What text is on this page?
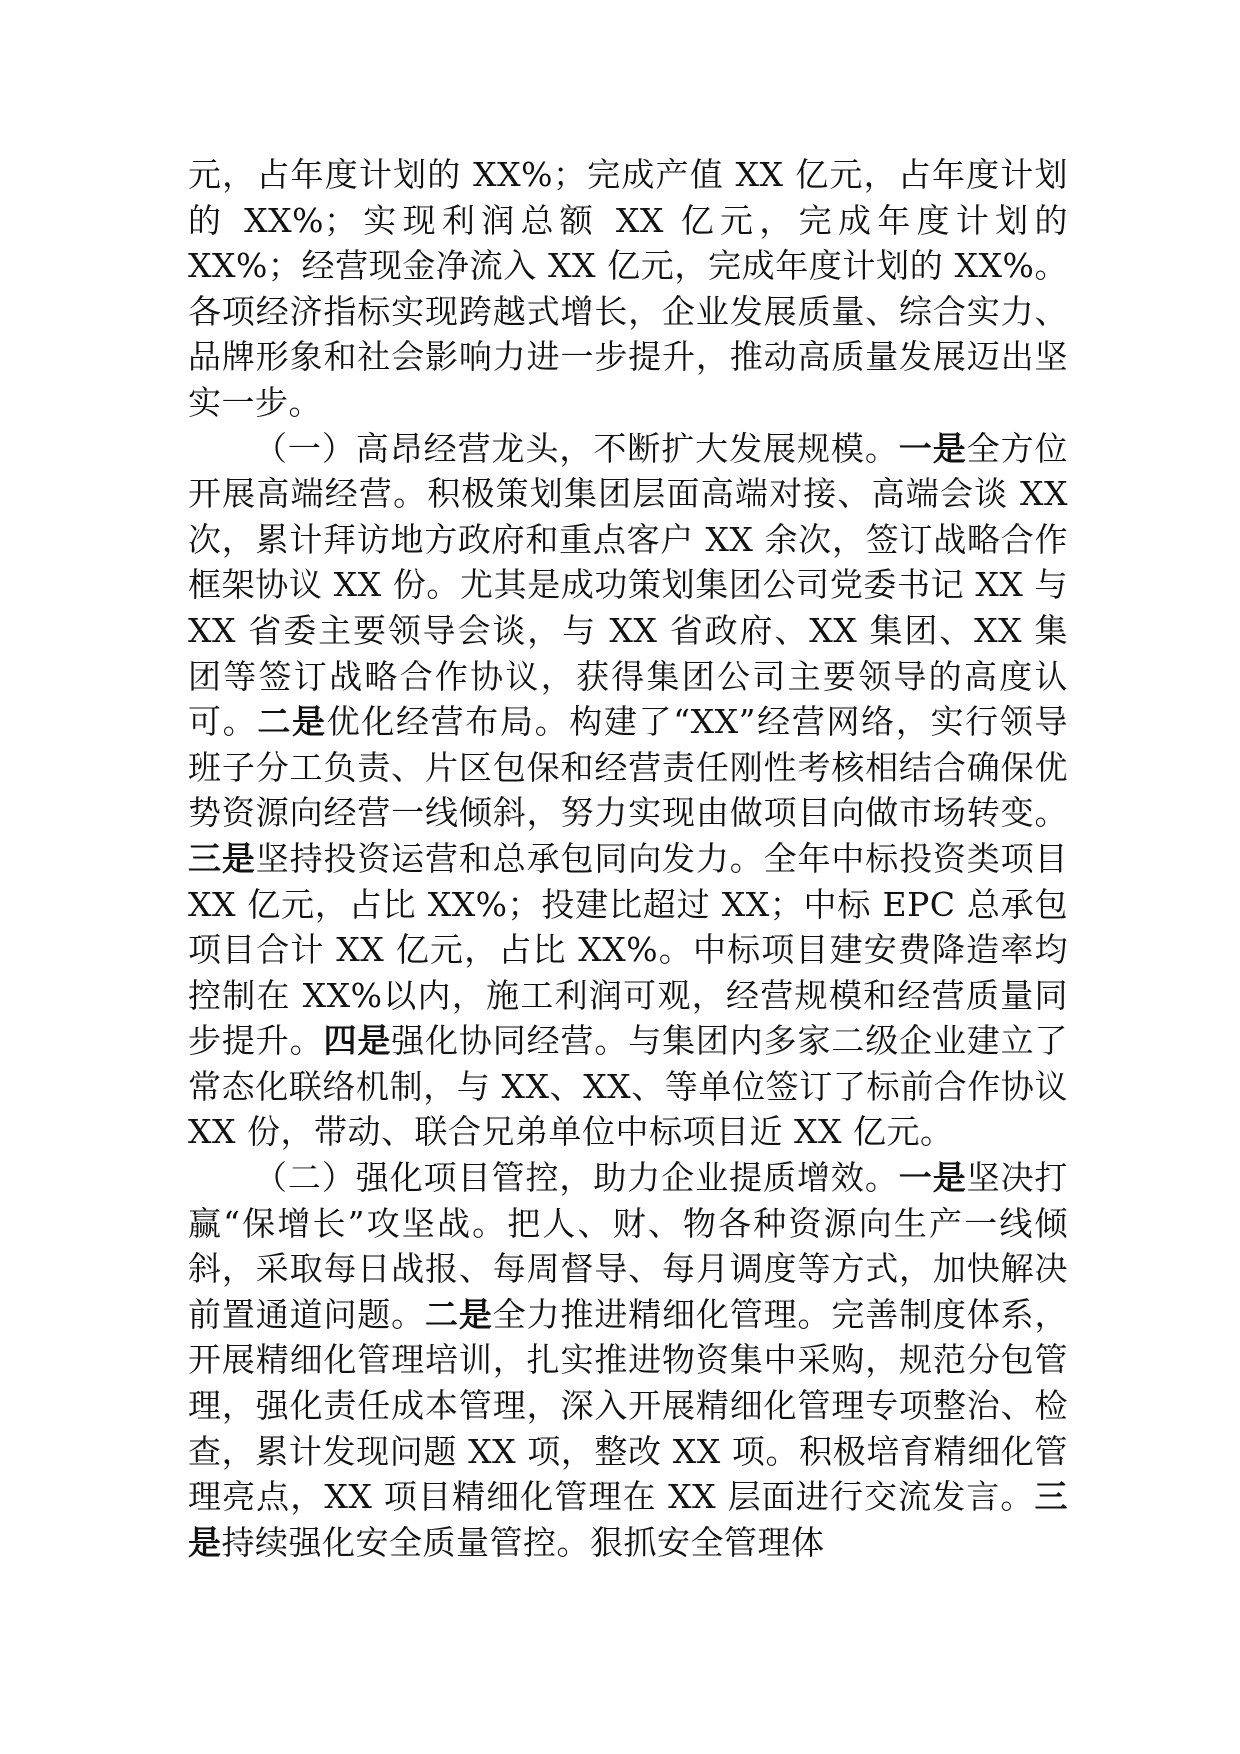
元，占年度计划的 XX%；完成产值 XX 亿元，占年度计划的 XX%；实现利润总额 XX 亿元，完成年度计划的 XX%；经营现金净流入 XX 亿元，完成年度计划的 XX%。各项经济指标实现跨越式增长，企业发展质量、综合实力、品牌形象和社会影响力进一步提升，推动高质量发展迈出坚实一步。

（一）高昂经营龙头，不断扩大发展规模。一是全方位开展高端经营。积极策划集团层面高端对接、高端会谈 XX 次，累计拜访地方政府和重点客户 XX 余次，签订战略合作框架协议 XX 份。尤其是成功策划集团公司党委书记 XX 与 XX 省委主要领导会谈，与 XX 省政府、XX 集团、XX 集团等签订战略合作协议，获得集团公司主要领导的高度认可。二是优化经营布局。构建了“XX”经营网络，实行领导班子分工负责、片区包保和经营责任刚性考核相结合确保优势资源向经营一线倾斜，努力实现由做项目向做市场转变。三是坚持投资运营和总承包同向发力。全年中标投资类项目 XX 亿元，占比 XX%；投建比超过 XX；中标 EPC 总承包项目合计 XX 亿元，占比 XX%。中标项目建安费降造率均控制在 XX%以内，施工利润可观，经营规模和经营质量同步提升。四是强化协同经营。与集团内多家二级企业建立了常态化联络机制，与 XX、XX、等单位签订了标前合作协议 XX 份，带动、联合兄弟单位中标项目近 XX 亿元。

（二）强化项目管控，助力企业提质增效。一是坚决打赢“保增长”攻坚战。把人、财、物各种资源向生产一线倾斜，采取每日战报、每周督导、每月调度等方式，加快解决前置通道问题。二是全力推进精细化管理。完善制度体系，开展精细化管理培训，扎实推进物资集中采购，规范分包管理，强化责任成本管理，深入开展精细化管理专项整治、检查，累计发现问题 XX 项，整改 XX 项。积极培育精细化管理亮点，XX 项目精细化管理在 XX 层面进行交流发言。三是持续强化安全质量管控。狠抓安全管理体
